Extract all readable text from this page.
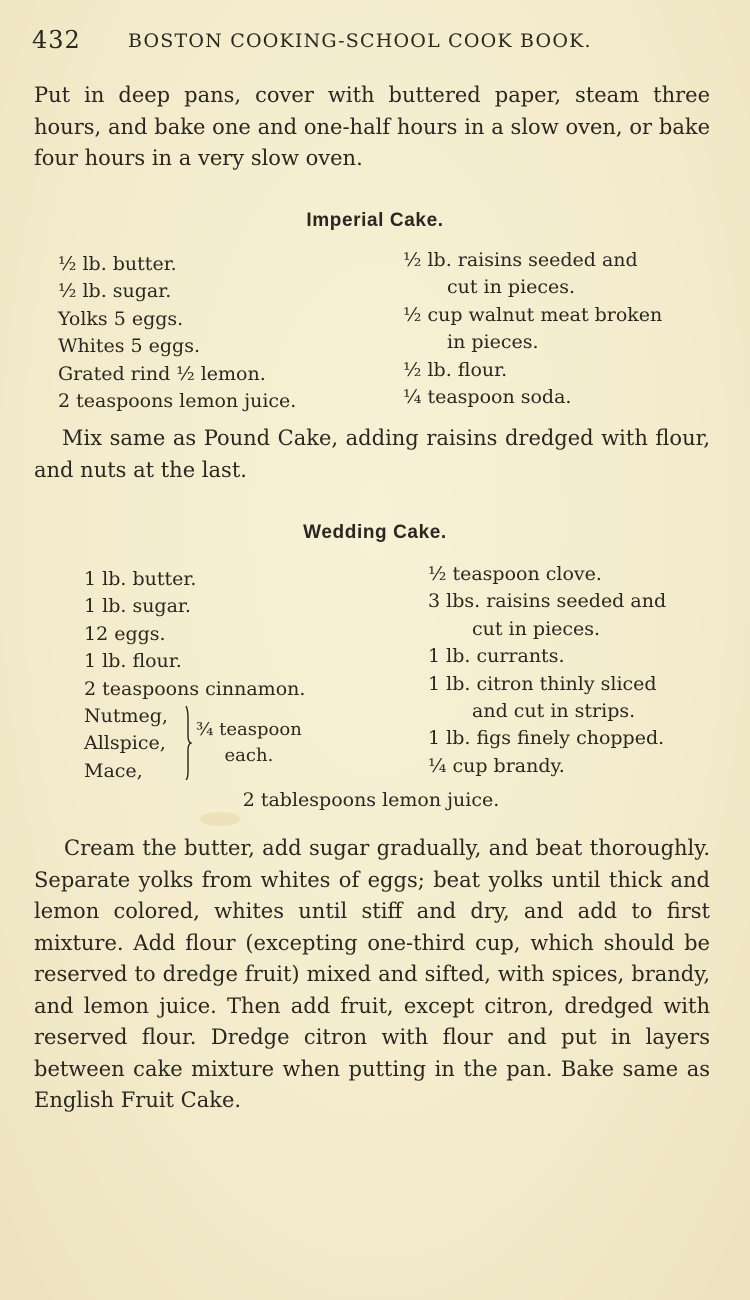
432 BOSTON COOKING-SCHOOL COOK BOOK.

Put in deep pans, cover with buttered paper, steam three hours, and bake one and one-half hours in a slow oven, or bake four hours in a very slow oven.

Imperial Cake.
½ lb. butter.
½ lb. sugar.
Yolks 5 eggs.
Whites 5 eggs.
Grated rind ½ lemon.
2 teaspoons lemon juice.
½ lb. raisins seeded and
cut in pieces.
½ cup walnut meat broken
in pieces.
½ lb. flour.
¼ teaspoon soda.

Mix same as Pound Cake, adding raisins dredged with flour, and nuts at the last.

Wedding Cake.
1 lb. butter.
1 lb. sugar.
12 eggs.
1 lb. flour.
2 teaspoons cinnamon.
Nutmeg,
Allspice,
Mace,
¾ teaspoon
each.
½ teaspoon clove.
3 lbs. raisins seeded and
cut in pieces.
1 lb. currants.
1 lb. citron thinly sliced
and cut in strips.
1 lb. figs finely chopped.
¼ cup brandy.
2 tablespoons lemon juice.

Cream the butter, add sugar gradually, and beat thoroughly. Separate yolks from whites of eggs; beat yolks until thick and lemon colored, whites until stiff and dry, and add to first mixture. Add flour (excepting one-third cup, which should be reserved to dredge fruit) mixed and sifted, with spices, brandy, and lemon juice. Then add fruit, except citron, dredged with reserved flour. Dredge citron with flour and put in layers between cake mixture when putting in the pan. Bake same as English Fruit Cake.
